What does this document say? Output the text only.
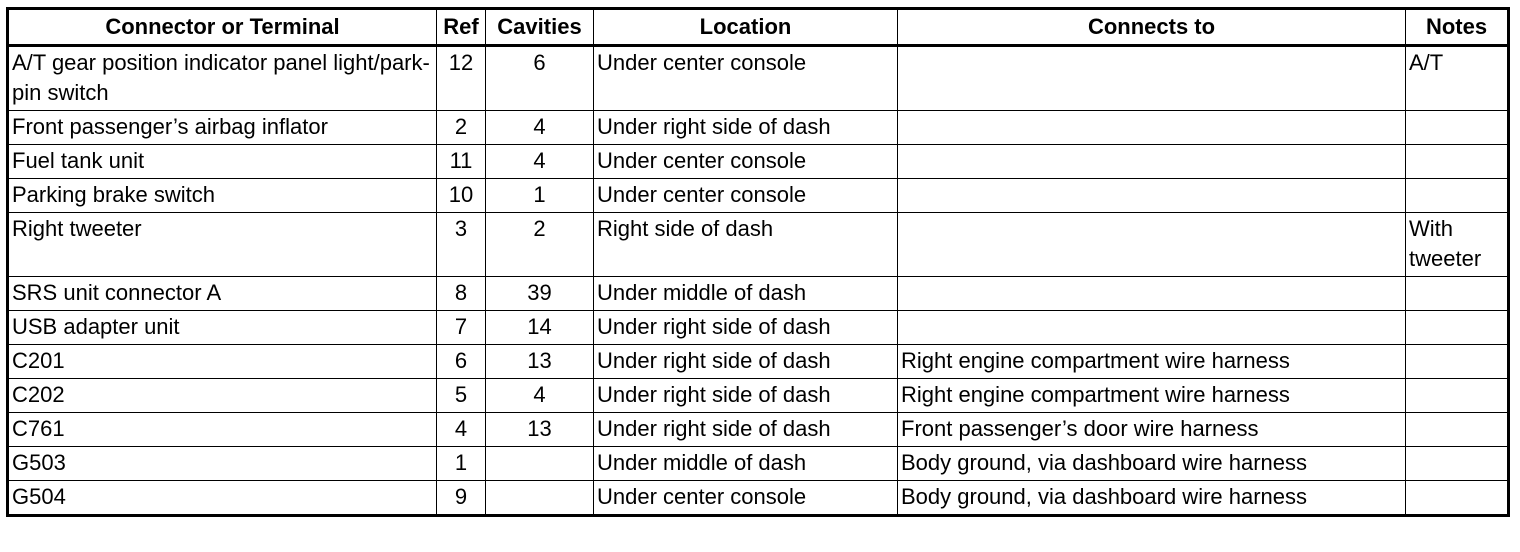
Connector or Terminal	Ref	Cavities	Location	Connects to	Notes
A/T gear position indicator panel light/park-pin switch	12	6	Under center console		A/T
Front passenger’s airbag inflator	2	4	Under right side of dash		
Fuel tank unit	11	4	Under center console		
Parking brake switch	10	1	Under center console		
Right tweeter	3	2	Right side of dash		With tweeter
SRS unit connector A	8	39	Under middle of dash		
USB adapter unit	7	14	Under right side of dash		
C201	6	13	Under right side of dash	Right engine compartment wire harness	
C202	5	4	Under right side of dash	Right engine compartment wire harness	
C761	4	13	Under right side of dash	Front passenger’s door wire harness	
G503	1		Under middle of dash	Body ground, via dashboard wire harness	
G504	9		Under center console	Body ground, via dashboard wire harness	
